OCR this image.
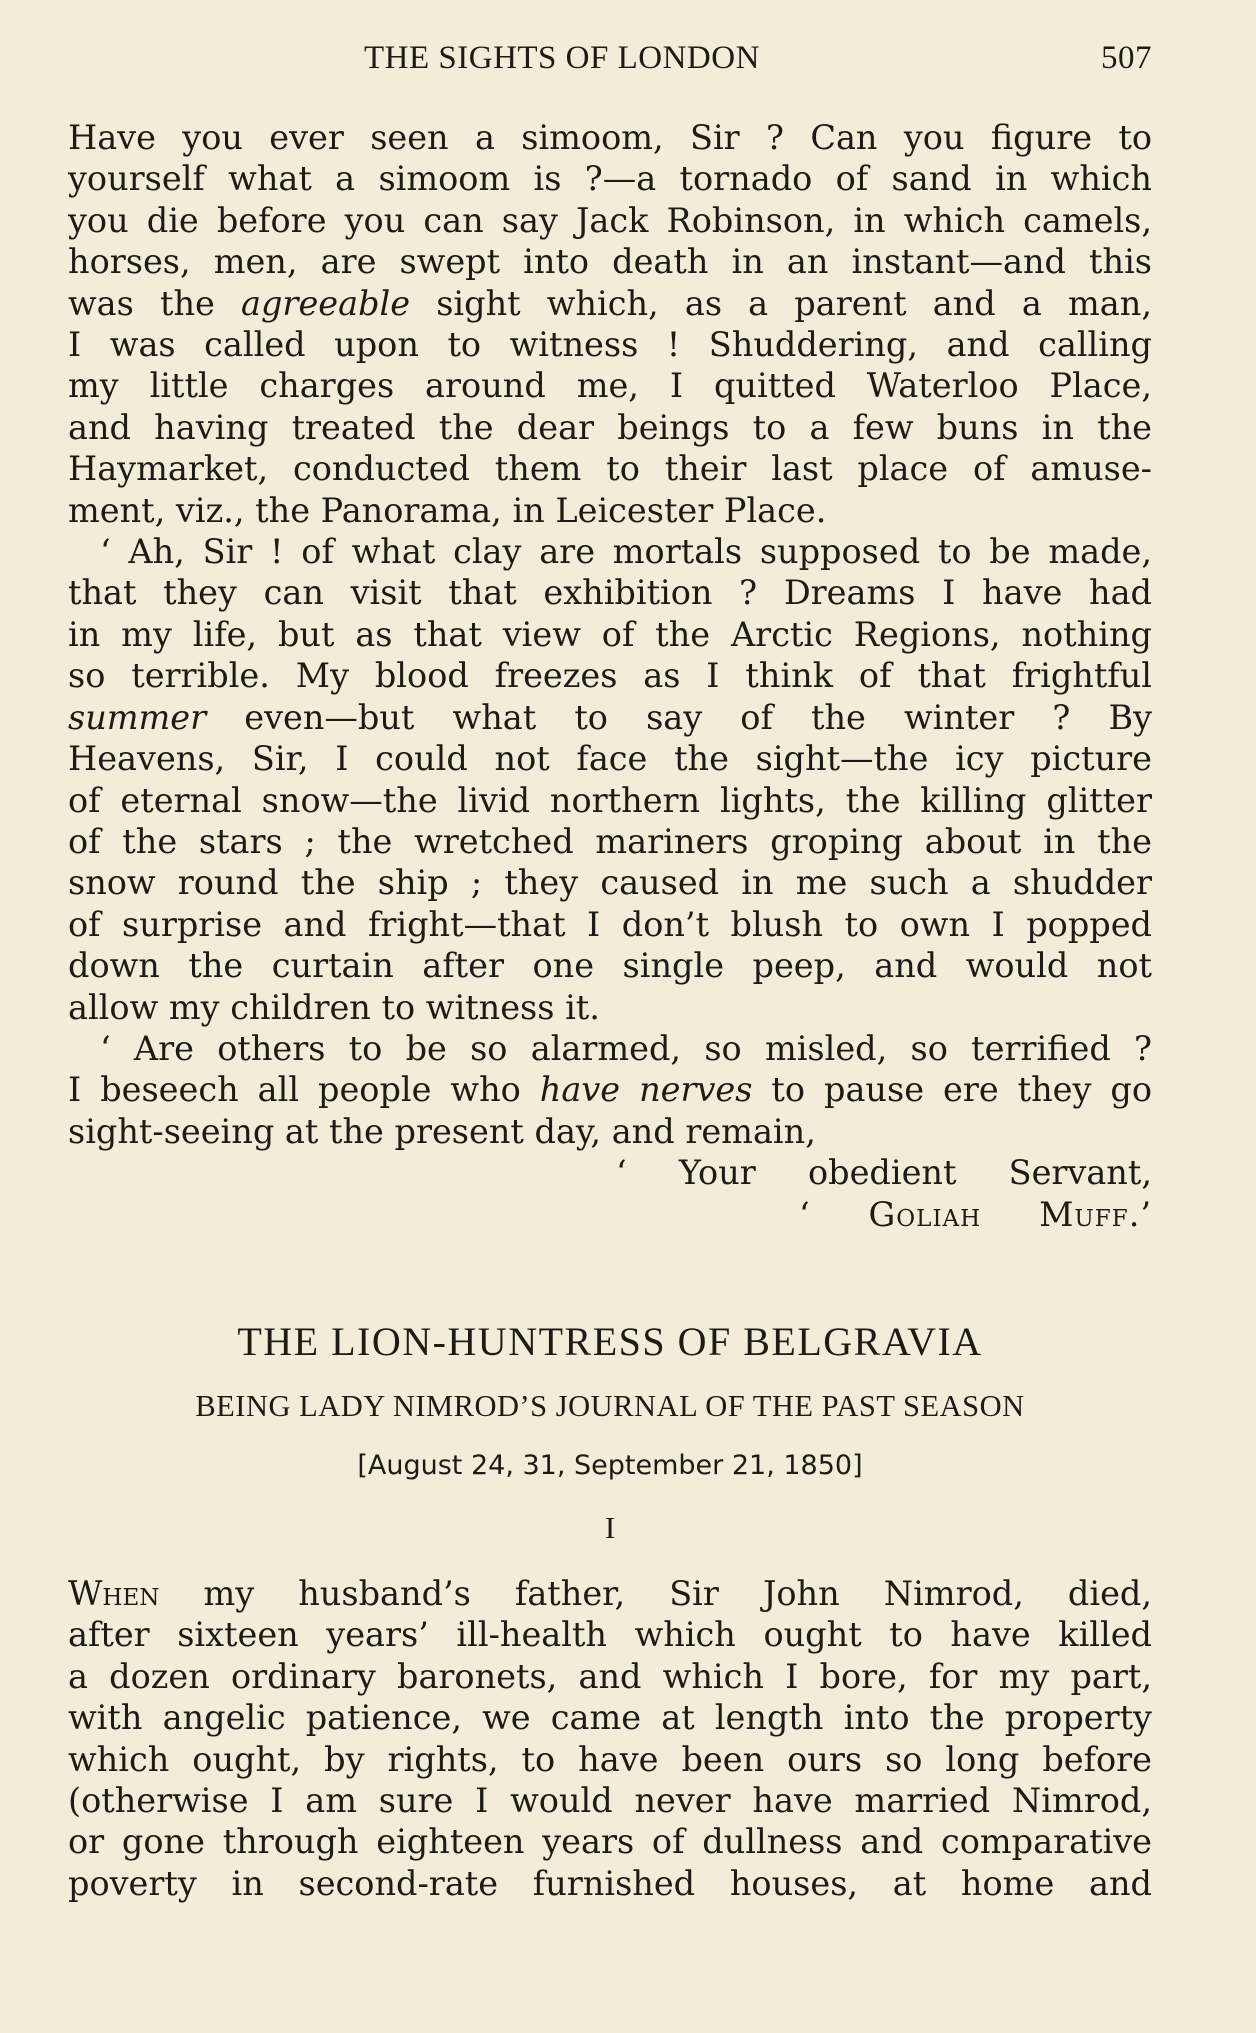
THE SIGHTS OF LONDON	507

Have you ever seen a simoom, Sir ? Can you figure to
yourself what a simoom is ?—a tornado of sand in which
you die before you can say Jack Robinson, in which camels,
horses, men, are swept into death in an instant—and this
was the agreeable sight which, as a parent and a man,
I was called upon to witness ! Shuddering, and calling
my little charges around me, I quitted Waterloo Place,
and having treated the dear beings to a few buns in the
Haymarket, conducted them to their last place of amuse-
ment, viz., the Panorama, in Leicester Place.

‘ Ah, Sir ! of what clay are mortals supposed to be made,
that they can visit that exhibition ? Dreams I have had
in my life, but as that view of the Arctic Regions, nothing
so terrible. My blood freezes as I think of that frightful
summer even—but what to say of the winter ? By
Heavens, Sir, I could not face the sight—the icy picture
of eternal snow—the livid northern lights, the killing glitter
of the stars ; the wretched mariners groping about in the
snow round the ship ; they caused in me such a shudder
of surprise and fright—that I don’t blush to own I popped
down the curtain after one single peep, and would not
allow my children to witness it.

‘ Are others to be so alarmed, so misled, so terrified ?
I beseech all people who have nerves to pause ere they go
sight-seeing at the present day, and remain,

‘ Your obedient Servant,

‘ Goliah Muff.’

THE LION-HUNTRESS OF BELGRAVIA

BEING LADY NIMROD’S JOURNAL OF THE PAST SEASON

[August 24, 31, September 21, 1850]

I

When my husband’s father, Sir John Nimrod, died,
after sixteen years’ ill-health which ought to have killed
a dozen ordinary baronets, and which I bore, for my part,
with angelic patience, we came at length into the property
which ought, by rights, to have been ours so long before
(otherwise I am sure I would never have married Nimrod,
or gone through eighteen years of dullness and comparative
poverty in second-rate furnished houses, at home and
